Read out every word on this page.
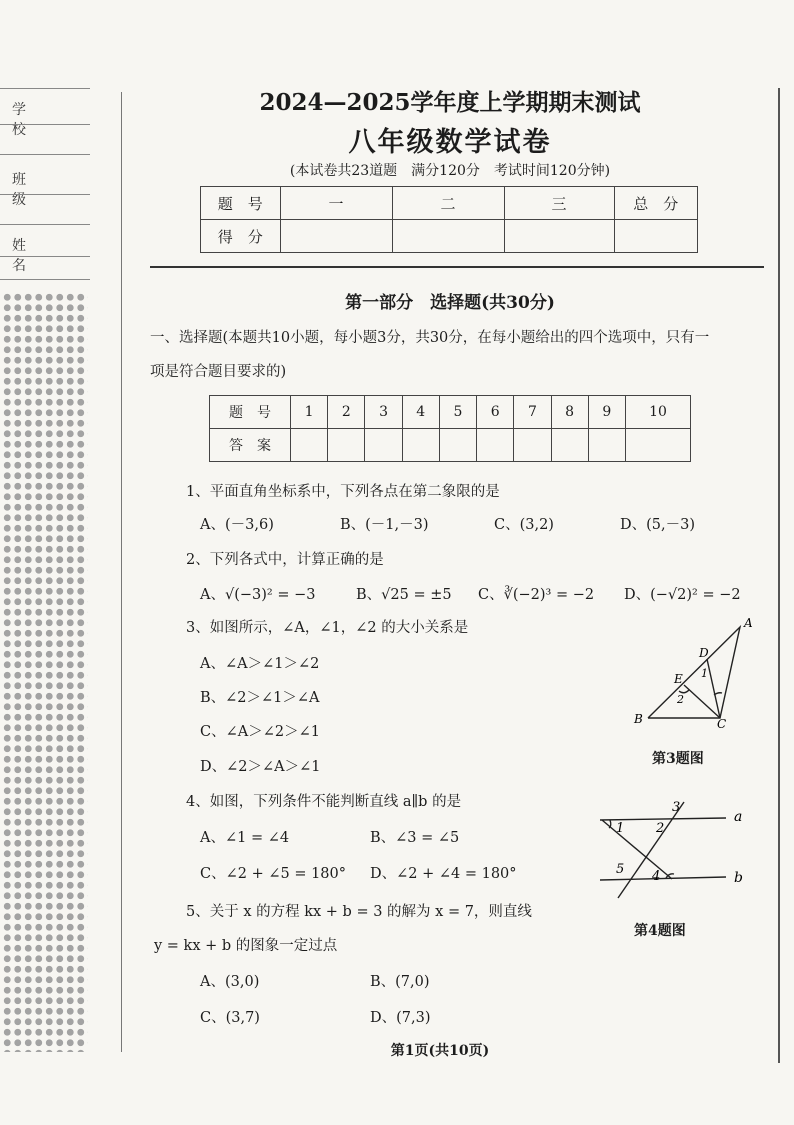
学 校
班 级
姓 名
2024—2025学年度上学期期末测试
八年级数学试卷
(本试卷共23道题　满分120分　考试时间120分钟)
题　号	一	二	三	总　分
得　分				
第一部分　选择题(共30分)
一、选择题(本题共10小题，每小题3分，共30分，在每小题给出的四个选项中，只有一
项是符合题目要求的)
题　号	1	2	3	4	5	6	7	8	9	10
答　案										
1、平面直角坐标系中，下列各点在第二象限的是
A、(－3,6)	B、(－1,－3)	C、(3,2)	D、(5,－3)
2、下列各式中，计算正确的是
A、√(−3)² = −3	B、√25 = ±5 C、∛(−2)³ = −2 D、(−√2)² = −2
3、如图所示，∠A，∠1，∠2 的大小关系是
A、∠A＞∠1＞∠2
B、∠2＞∠1＞∠A
C、∠A＞∠2＞∠1
D、∠2＞∠A＞∠1
A
D
E 1
2
B	C
第3题图
4、如图，下列条件不能判断直线 a∥b 的是
A、∠1 = ∠4	B、∠3 = ∠5
C、∠2 + ∠5 = 180° D、∠2 + ∠4 = 180°
3
1 2
a
5 4	b
第4题图
5、关于 x 的方程 kx + b = 3 的解为 x = 7，则直线
y = kx + b 的图象一定过点
A、(3,0)	B、(7,0)
C、(3,7)	D、(7,3)
第1页(共10页)
